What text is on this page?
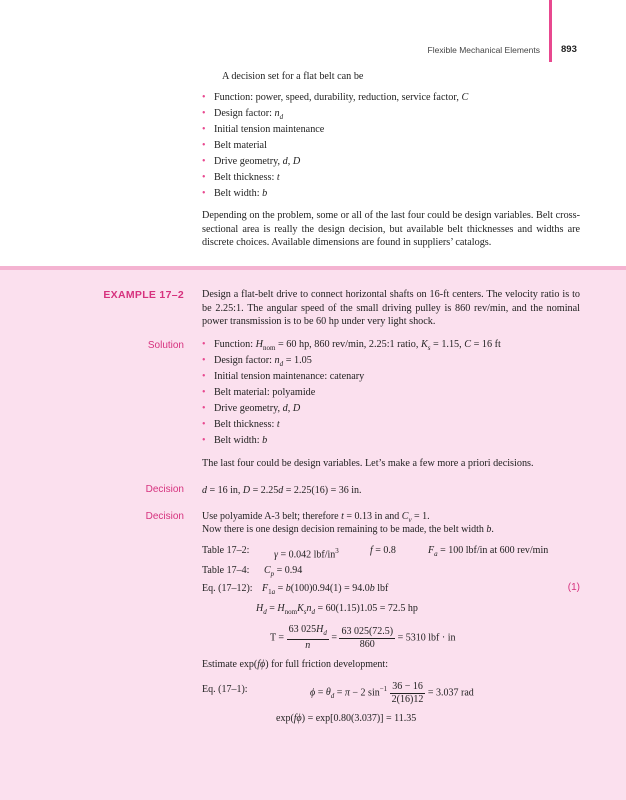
Flexible Mechanical Elements 893

A decision set for a flat belt can be

• Function: power, speed, durability, reduction, service factor, C
• Design factor: $n_d$
• Initial tension maintenance
• Belt material
• Drive geometry, d, D
• Belt thickness: t
• Belt width: b

Depending on the problem, some or all of the last four could be design variables. Belt cross-sectional area is really the design decision, but available belt thicknesses and widths are discrete choices. Available dimensions are found in suppliers’ catalogs.

EXAMPLE 17–2 Design a flat-belt drive to connect horizontal shafts on 16-ft centers. The velocity ratio is to be 2.25:1. The angular speed of the small driving pulley is 860 rev/min, and the nominal power transmission is to be 60 hp under very light shock.

Solution
•	Function: $H_{nom} = 60$ hp, 860 rev/min, 2.25:1 ratio, $K_s = 1.15$, C = 16 ft
• Design factor: $n_d = 1.05$
• Initial tension maintenance: catenary
• Belt material: polyamide
• Drive geometry, d, D
• Belt thickness: t
• Belt width: b

The last four could be design variables. Let’s make a few more a priori decisions.

Decision d = 16 in, D = 2.25d = 2.25(16) = 36 in.
Decision Use polyamide A-3 belt; therefore t = 0.13 in and $C_v = 1$.
Now there is one design decision remaining to be made, the belt width b.
Table 17–2: γ = 0.042 lbf/$in^3$	f = 0.8	$F_a = 100$ lbf/in at 600 rev/min
Table 17–4: $C_p = 0.94$
Eq. (17–12): $F_{1a} = b(100)0.94(1) = 94.0b$ lbf	(1)
$H_d = H_{nom}K_sn_d = 60(1.15)1.05 = 72.5$ hp
$T = \frac{63 025H_d}{n} = \frac{63 025(72.5)}{860} = 5310$ lbf · in
Estimate exp(fϕ) for full friction development:
Eq. (17–1):	$\phi = \theta_d = \pi - 2$ $\sin^{-1} \frac{36 - 16}{2(16)12} = 3.037$ rad
exp(fϕ) = exp[0.80(3.037)] = 11.35
